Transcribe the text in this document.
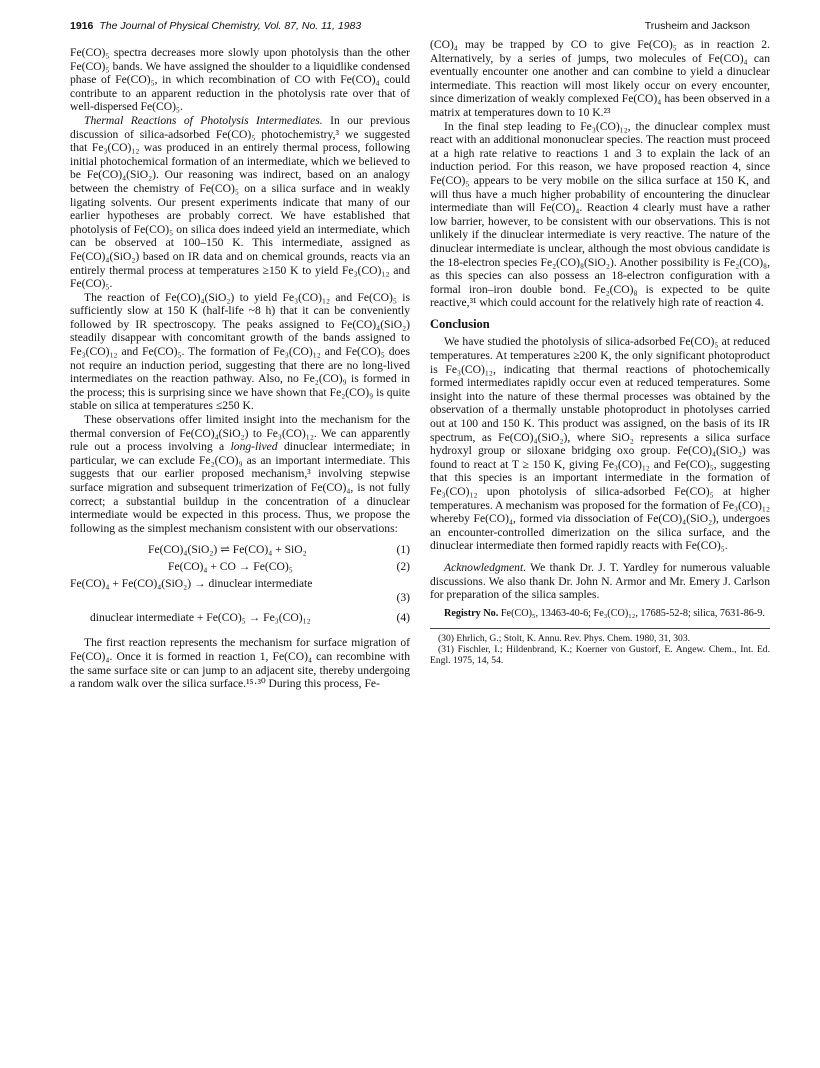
1916 The Journal of Physical Chemistry, Vol. 87, No. 11, 1983	Trusheim and Jackson

Fe(CO)₅ spectra decreases more slowly upon photolysis than the other Fe(CO)₅ bands. We have assigned the shoulder to a liquidlike condensed phase of Fe(CO)₅, in which recombination of CO with Fe(CO)₄ could contribute to an apparent reduction in the photolysis rate over that of well-dispersed Fe(CO)₅.

Thermal Reactions of Photolysis Intermediates. In our previous discussion of silica-adsorbed Fe(CO)₅ photochemistry,³ we suggested that Fe₃(CO)₁₂ was produced in an entirely thermal process, following initial photochemical formation of an intermediate, which we believed to be Fe(CO)₄(SiO₂). Our reasoning was indirect, based on an analogy between the chemistry of Fe(CO)₅ on a silica surface and in weakly ligating solvents. Our present experiments indicate that many of our earlier hypotheses are probably correct. We have established that photolysis of Fe(CO)₅ on silica does indeed yield an intermediate, which can be observed at 100–150 K. This intermediate, assigned as Fe(CO)₄(SiO₂) based on IR data and on chemical grounds, reacts via an entirely thermal process at temperatures ≥150 K to yield Fe₃(CO)₁₂ and Fe(CO)₅.

The reaction of Fe(CO)₄(SiO₂) to yield Fe₃(CO)₁₂ and Fe(CO)₅ is sufficiently slow at 150 K (half-life ~8 h) that it can be conveniently followed by IR spectroscopy. The peaks assigned to Fe(CO)₄(SiO₂) steadily disappear with concomitant growth of the bands assigned to Fe₃(CO)₁₂ and Fe(CO)₅. The formation of Fe₃(CO)₁₂ and Fe(CO)₅ does not require an induction period, suggesting that there are no long-lived intermediates on the reaction pathway. Also, no Fe₂(CO)₉ is formed in the process; this is surprising since we have shown that Fe₂(CO)₉ is quite stable on silica at temperatures ≤250 K.

These observations offer limited insight into the mechanism for the thermal conversion of Fe(CO)₄(SiO₂) to Fe₃(CO)₁₂. We can apparently rule out a process involving a long-lived dinuclear intermediate; in particular, we can exclude Fe₂(CO)₉ as an important intermediate. This suggests that our earlier proposed mechanism,³ involving stepwise surface migration and subsequent trimerization of Fe(CO)₄, is not fully correct; a substantial buildup in the concentration of a dinuclear intermediate would be expected in this process. Thus, we propose the following as the simplest mechanism consistent with our observations:

Fe(CO)₄(SiO₂) ⇌ Fe(CO)₄ + SiO₂	(1)
Fe(CO)₄ + CO → Fe(CO)₅	(2)
Fe(CO)₄ + Fe(CO)₄(SiO₂) → dinuclear intermediate
(3)
dinuclear intermediate + Fe(CO)₅ → Fe₃(CO)₁₂	(4)

The first reaction represents the mechanism for surface migration of Fe(CO)₄. Once it is formed in reaction 1, Fe(CO)₄ can recombine with the same surface site or can jump to an adjacent site, thereby undergoing a random walk over the silica surface.¹⁵·³⁰ During this process, Fe-

(CO)₄ may be trapped by CO to give Fe(CO)₅ as in reaction 2. Alternatively, by a series of jumps, two molecules of Fe(CO)₄ can eventually encounter one another and can combine to yield a dinuclear intermediate. This reaction will most likely occur on every encounter, since dimerization of weakly complexed Fe(CO)₄ has been observed in a matrix at temperatures down to 10 K.²³

In the final step leading to Fe₃(CO)₁₂, the dinuclear complex must react with an additional mononuclear species. The reaction must proceed at a high rate relative to reactions 1 and 3 to explain the lack of an induction period. For this reason, we have proposed reaction 4, since Fe(CO)₅ appears to be very mobile on the silica surface at 150 K, and will thus have a much higher probability of encountering the dinuclear intermediate than will Fe(CO)₄. Reaction 4 clearly must have a rather low barrier, however, to be consistent with our observations. This is not unlikely if the dinuclear intermediate is very reactive. The nature of the dinuclear intermediate is unclear, although the most obvious candidate is the 18-electron species Fe₂(CO)₈(SiO₂). Another possibility is Fe₂(CO)₈, as this species can also possess an 18-electron configuration with a formal iron–iron double bond. Fe₂(CO)₈ is expected to be quite reactive,³¹ which could account for the relatively high rate of reaction 4.

Conclusion

We have studied the photolysis of silica-adsorbed Fe(CO)₅ at reduced temperatures. At temperatures ≥200 K, the only significant photoproduct is Fe₃(CO)₁₂, indicating that thermal reactions of photochemically formed intermediates rapidly occur even at reduced temperatures. Some insight into the nature of these thermal processes was obtained by the observation of a thermally unstable photoproduct in photolyses carried out at 100 and 150 K. This product was assigned, on the basis of its IR spectrum, as Fe(CO)₄(SiO₂), where SiO₂ represents a silica surface hydroxyl group or siloxane bridging oxo group. Fe(CO)₄(SiO₂) was found to react at T ≥ 150 K, giving Fe₃(CO)₁₂ and Fe(CO)₅, suggesting that this species is an important intermediate in the formation of Fe₃(CO)₁₂ upon photolysis of silica-adsorbed Fe(CO)₅ at higher temperatures. A mechanism was proposed for the formation of Fe₃(CO)₁₂ whereby Fe(CO)₄, formed via dissociation of Fe(CO)₄(SiO₂), undergoes an encounter-controlled dimerization on the silica surface, and the dinuclear intermediate then formed rapidly reacts with Fe(CO)₅.

Acknowledgment. We thank Dr. J. T. Yardley for numerous valuable discussions. We also thank Dr. John N. Armor and Mr. Emery J. Carlson for preparation of the silica samples.

Registry No. Fe(CO)₅, 13463-40-6; Fe₃(CO)₁₂, 17685-52-8; silica, 7631-86-9.
(30) Ehrlich, G.; Stolt, K. Annu. Rev. Phys. Chem. 1980, 31, 303.
(31) Fischler, I.; Hildenbrand, K.; Koerner von Gustorf, E. Angew. Chem., Int. Ed. Engl. 1975, 14, 54.
